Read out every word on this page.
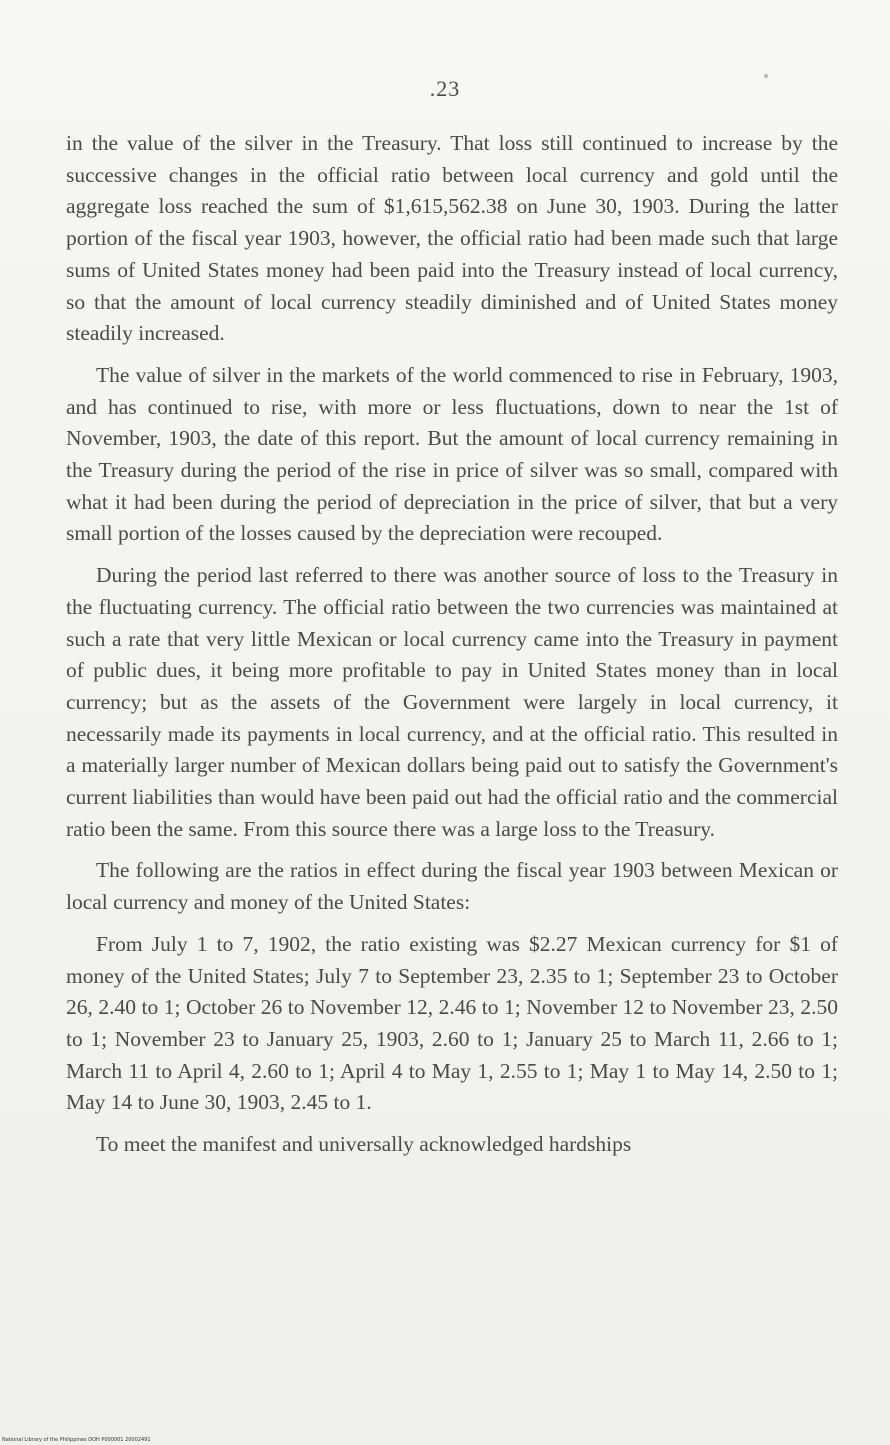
.23

in the value of the silver in the Treasury. That loss still continued to increase by the successive changes in the official ratio between local currency and gold until the aggregate loss reached the sum of $1,615,562.38 on June 30, 1903. During the latter portion of the fiscal year 1903, however, the official ratio had been made such that large sums of United States money had been paid into the Treasury instead of local currency, so that the amount of local currency steadily diminished and of United States money steadily increased.

The value of silver in the markets of the world commenced to rise in February, 1903, and has continued to rise, with more or less fluctuations, down to near the 1st of November, 1903, the date of this report. But the amount of local currency remaining in the Treasury during the period of the rise in price of silver was so small, compared with what it had been during the period of depreciation in the price of silver, that but a very small portion of the losses caused by the depreciation were recouped.

During the period last referred to there was another source of loss to the Treasury in the fluctuating currency. The official ratio between the two currencies was maintained at such a rate that very little Mexican or local currency came into the Treasury in payment of public dues, it being more profitable to pay in United States money than in local currency; but as the assets of the Government were largely in local currency, it necessarily made its payments in local currency, and at the official ratio. This resulted in a materially larger number of Mexican dollars being paid out to satisfy the Government's current liabilities than would have been paid out had the official ratio and the commercial ratio been the same. From this source there was a large loss to the Treasury.

The following are the ratios in effect during the fiscal year 1903 between Mexican or local currency and money of the United States:

From July 1 to 7, 1902, the ratio existing was $2.27 Mexican currency for $1 of money of the United States; July 7 to September 23, 2.35 to 1; September 23 to October 26, 2.40 to 1; October 26 to November 12, 2.46 to 1; November 12 to November 23, 2.50 to 1; November 23 to January 25, 1903, 2.60 to 1; January 25 to March 11, 2.66 to 1; March 11 to April 4, 2.60 to 1; April 4 to May 1, 2.55 to 1; May 1 to May 14, 2.50 to 1; May 14 to June 30, 1903, 2.45 to 1.

To meet the manifest and universally acknowledged hardships

National Library of the Philippines DOH P000001 20002491
